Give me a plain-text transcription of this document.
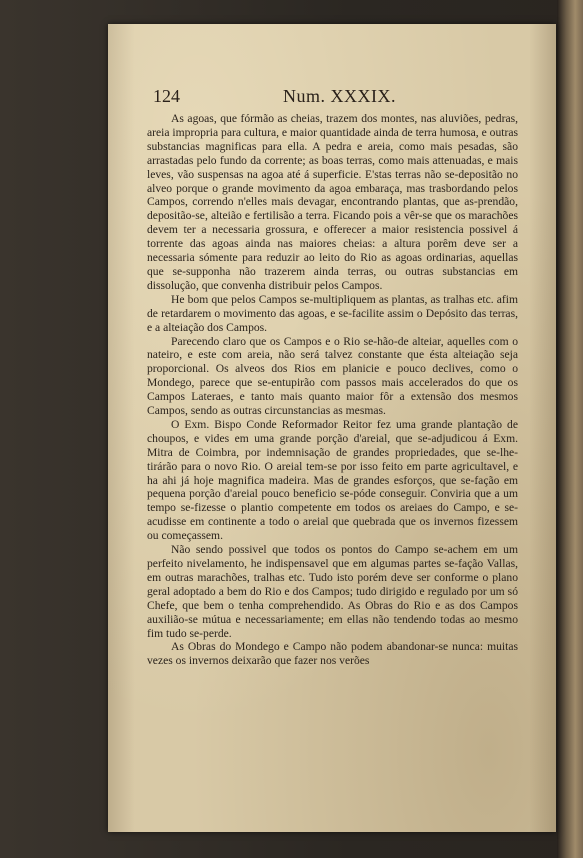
124	Num. XXXIX.

As agoas, que fórmão as cheias, trazem dos montes, nas aluviões, pedras, areia impropria para cultura, e maior quantidade ainda de terra humosa, e outras substancias magnificas para ella. A pedra e areia, como mais pesadas, são arrastadas pelo fundo da corrente; as boas terras, como mais attenuadas, e mais leves, vão suspensas na agoa até á superficie. E'stas terras não se-depositão no alveo porque o grande movimento da agoa embaraça, mas trasbordando pelos Campos, correndo n'elles mais devagar, encontrando plantas, que as-prendão, depositão-se, alteião e fertilisão a terra. Ficando pois a vêr-se que os marachões devem ter a necessaria grossura, e offerecer a maior resistencia possivel á torrente das agoas ainda nas maiores cheias: a altura porêm deve ser a necessaria sómente para reduzir ao leito do Rio as agoas ordinarias, aquellas que se-supponha não trazerem ainda terras, ou outras substancias em dissolução, que convenha distribuir pelos Campos.

He bom que pelos Campos se-multipliquem as plantas, as tralhas etc. afim de retardarem o movimento das agoas, e se-facilite assim o Depósito das terras, e a alteiação dos Campos.

Parecendo claro que os Campos e o Rio se-hão-de alteiar, aquelles com o nateiro, e este com areia, não será talvez constante que ésta alteiação seja proporcional. Os alveos dos Rios em planicie e pouco declives, como o Mondego, parece que se-entupirão com passos mais accelerados do que os Campos Lateraes, e tanto mais quanto maior fôr a extensão dos mesmos Campos, sendo as outras circunstancias as mesmas.

O Exm. Bispo Conde Reformador Reitor fez uma grande plantação de choupos, e vides em uma grande porção d'areial, que se-adjudicou á Exm. Mitra de Coimbra, por indemnisação de grandes propriedades, que se-lhe-tirárão para o novo Rio. O areial tem-se por isso feito em parte agricultavel, e ha ahi já hoje magnifica madeira. Mas de grandes esforços, que se-fação em pequena porção d'areial pouco beneficio se-póde conseguir. Conviria que a um tempo se-fizesse o plantio competente em todos os areiaes do Campo, e se-acudisse em continente a todo o areial que quebrada que os invernos fizessem ou começassem.

Não sendo possivel que todos os pontos do Campo se-achem em um perfeito nivelamento, he indispensavel que em algumas partes se-fação Vallas, em outras marachões, tralhas etc. Tudo isto porém deve ser conforme o plano geral adoptado a bem do Rio e dos Campos; tudo dirigido e regulado por um só Chefe, que bem o tenha comprehendido. As Obras do Rio e as dos Campos auxilião-se mútua e necessariamente; em ellas não tendendo todas ao mesmo fim tudo se-perde.

As Obras do Mondego e Campo não podem abandonar-se nunca: muitas vezes os invernos deixarão que fazer nos verões
